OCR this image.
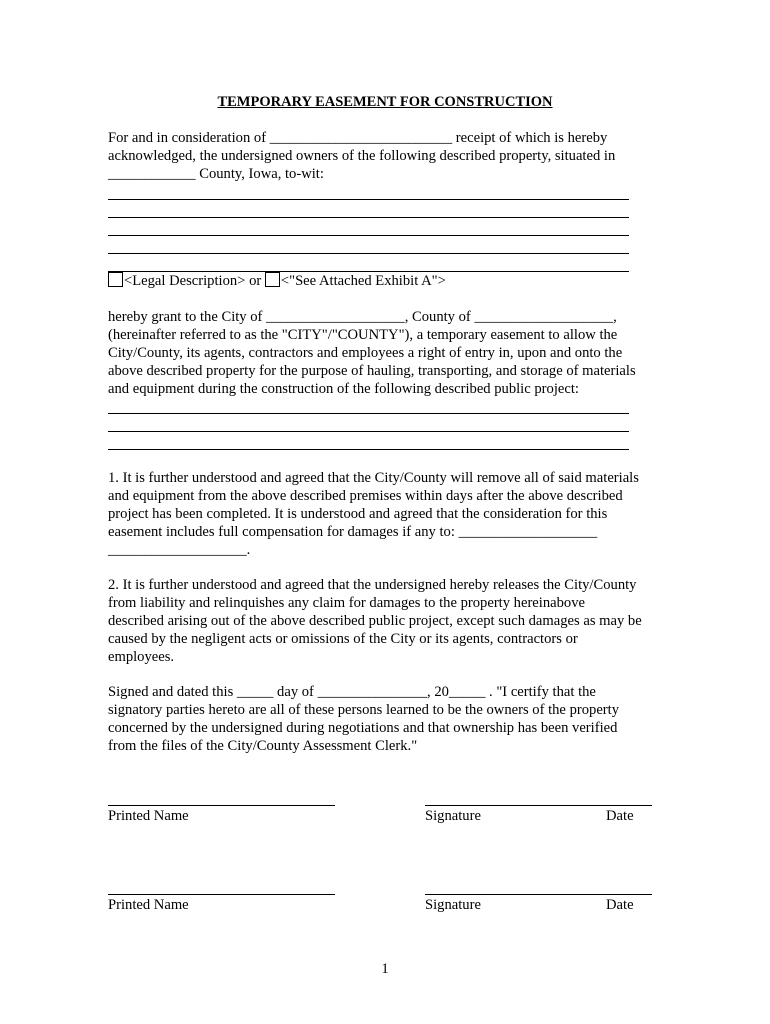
TEMPORARY EASEMENT FOR CONSTRUCTION
For and in consideration of _________________________ receipt of which is hereby
acknowledged, the undersigned owners of the following described property, situated in
____________ County, Iowa, to-wit:
<Legal Description> or <"See Attached Exhibit A">
hereby grant to the City of ___________________, County of ___________________,
(hereinafter referred to as the "CITY"/"COUNTY"), a temporary easement to allow the
City/County, its agents, contractors and employees a right of entry in, upon and onto the
above described property for the purpose of hauling, transporting, and storage of materials
and equipment during the construction of the following described public project:
1. It is further understood and agreed that the City/County will remove all of said materials
and equipment from the above described premises within days after the above described
project has been completed. It is understood and agreed that the consideration for this
easement includes full compensation for damages if any to: ___________________
___________________.
2. It is further understood and agreed that the undersigned hereby releases the City/County
from liability and relinquishes any claim for damages to the property hereinabove
described arising out of the above described public project, except such damages as may be
caused by the negligent acts or omissions of the City or its agents, contractors or
employees.
Signed and dated this _____ day of _______________, 20_____ . "I certify that the
signatory parties hereto are all of these persons learned to be the owners of the property
concerned by the undersigned during negotiations and that ownership has been verified
from the files of the City/County Assessment Clerk."
Printed Name	Signature	Date
Printed Name	Signature	Date
1
